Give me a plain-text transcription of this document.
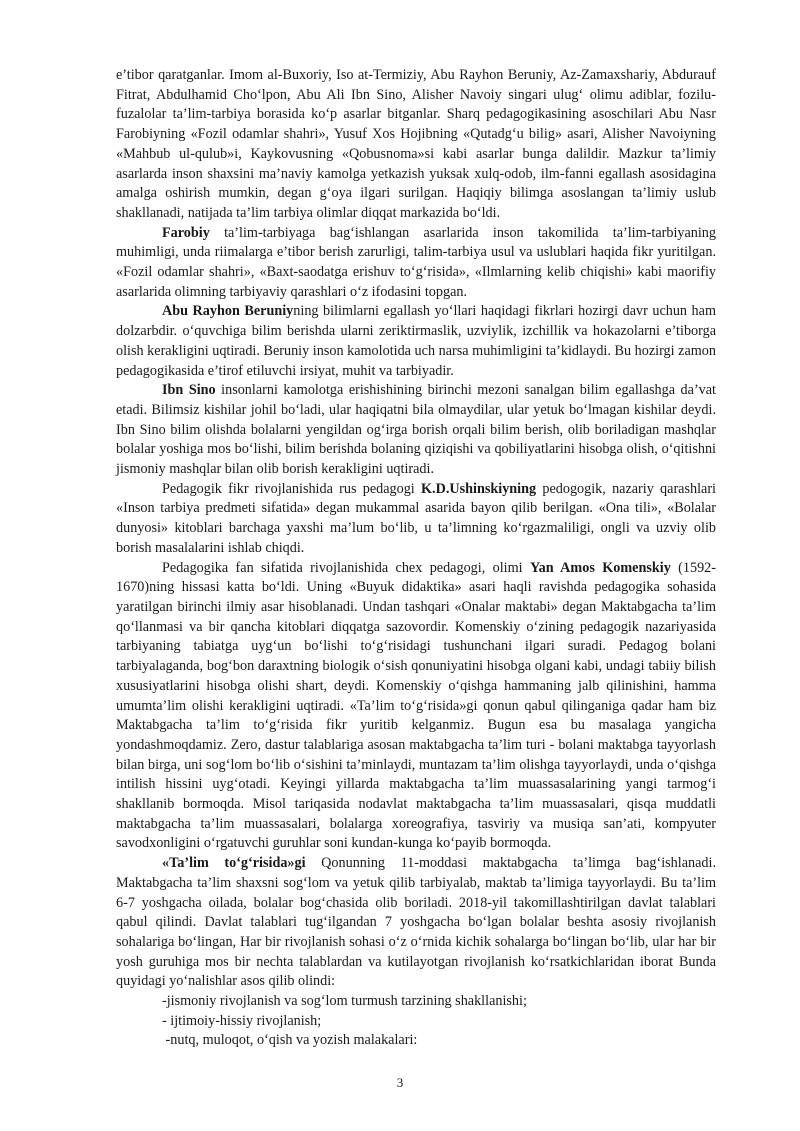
e’tibor qaratganlar. Imom al-Buxoriy, Iso at-Termiziy, Abu Rayhon Beruniy, Az-Zamaxshariy, Abdurauf Fitrat, Abdulhamid Cho‘lpon, Abu Ali Ibn Sino, Alisher Navoiy singari ulug‘ olimu adiblar, fozilu-fuzalolar ta’lim-tarbiya borasida ko‘p asarlar bitganlar. Sharq pedagogikasining asoschilari Abu Nasr Farobiyning «Fozil odamlar shahri», Yusuf Xos Hojibning «Qutadg‘u bilig» asari, Alisher Navoiyning «Mahbub ul-qulub»i, Kaykovusning «Qobusnoma»si kabi asarlar bunga dalildir. Mazkur ta’limiy asarlarda inson shaxsini ma’naviy kamolga yetkazish yuksak xulq-odob, ilm-fanni egallash asosidagina amalga oshirish mumkin, degan g‘oya ilgari surilgan. Haqiqiy bilimga asoslangan ta’limiy uslub shakllanadi, natijada ta’lim tarbiya olimlar diqqat markazida bo‘ldi.

Farobiy ta’lim-tarbiyaga bag‘ishlangan asarlarida inson takomilida ta’lim-tarbiyaning muhimligi, unda riimalarga e’tibor berish zarurligi, talim-tarbiya usul va uslublari haqida fikr yuritilgan. «Fozil odamlar shahri», «Baxt-saodatga erishuv to‘g‘risida», «Ilmlarning kelib chiqishi» kabi maorifiy asarlarida olimning tarbiyaviy qarashlari o‘z ifodasini topgan.

Abu Rayhon Beruniyning bilimlarni egallash yo‘llari haqidagi fikrlari hozirgi davr uchun ham dolzarbdir. o‘quvchiga bilim berishda ularni zeriktirmaslik, uzviylik, izchillik va hokazolarni e’tiborga olish kerakligini uqtiradi. Beruniy inson kamolotida uch narsa muhimligini ta’kidlaydi. Bu hozirgi zamon pedagogikasida e’tirof etiluvchi irsiyat, muhit va tarbiyadir.

Ibn Sino insonlarni kamolotga erishishining birinchi mezoni sanalgan bilim egallashga da’vat etadi. Bilimsiz kishilar johil bo‘ladi, ular haqiqatni bila olmaydilar, ular yetuk bo‘lmagan kishilar deydi. Ibn Sino bilim olishda bolalarni yengildan og‘irga borish orqali bilim berish, olib boriladigan mashqlar bolalar yoshiga mos bo‘lishi, bilim berishda bolaning qiziqishi va qobiliyatlarini hisobga olish, o‘qitishni jismoniy mashqlar bilan olib borish kerakligini uqtiradi.

Pedagogik fikr rivojlanishida rus pedagogi K.D.Ushinskiyning pedogogik, nazariy qarashlari «Inson tarbiya predmeti sifatida» degan mukammal asarida bayon qilib berilgan. «Ona tili», «Bolalar dunyosi» kitoblari barchaga yaxshi ma’lum bo‘lib, u ta’limning ko‘rgazmaliligi, ongli va uzviy olib borish masalalarini ishlab chiqdi.

Pedagogika fan sifatida rivojlanishida chex pedagogi, olimi Yan Amos Komenskiy (1592-1670)ning hissasi katta bo‘ldi. Uning «Buyuk didaktika» asari haqli ravishda pedagogika sohasida yaratilgan birinchi ilmiy asar hisoblanadi. Undan tashqari «Onalar maktabi» degan Maktabgacha ta’lim qo‘llanmasi va bir qancha kitoblari diqqatga sazovordir. Komenskiy o‘zining pedagogik nazariyasida tarbiyaning tabiatga uyg‘un bo‘lishi to‘g‘risidagi tushunchani ilgari suradi. Pedagog bolani tarbiyalaganda, bog‘bon daraxtning biologik o‘sish qonuniyatini hisobga olgani kabi, undagi tabiiy bilish xususiyatlarini hisobga olishi shart, deydi. Komenskiy o‘qishga hammaning jalb qilinishini, hamma umumta’lim olishi kerakligini uqtiradi. «Ta’lim to‘g‘risida»gi qonun qabul qilinganiga qadar ham biz Maktabgacha ta’lim to‘g‘risida fikr yuritib kelganmiz. Bugun esa bu masalaga yangicha yondashmoqdamiz. Zero, dastur talablariga asosan maktabgacha ta’lim turi - bolani maktabga tayyorlash bilan birga, uni sog‘lom bo‘lib o‘sishini ta’minlaydi, muntazam ta’lim olishga tayyorlaydi, unda o‘qishga intilish hissini uyg‘otadi. Keyingi yillarda maktabgacha ta’lim muassasalarining yangi tarmog‘i shakllanib bormoqda. Misol tariqasida nodavlat maktabgacha ta’lim muassasalari, qisqa muddatli maktabgacha ta’lim muassasalari, bolalarga xoreografiya, tasviriy va musiqa san’ati, kompyuter savodxonligini o‘rgatuvchi guruhlar soni kundan-kunga ko‘payib bormoqda.

«Ta’lim to‘g‘risida»gi Qonunning 11-moddasi maktabgacha ta’limga bag‘ishlanadi. Maktabgacha ta’lim shaxsni sog‘lom va yetuk qilib tarbiyalab, maktab ta’limiga tayyorlaydi. Bu ta’lim 6-7 yoshgacha oilada, bolalar bog‘chasida olib boriladi. 2018-yil takomillashtirilgan davlat talablari qabul qilindi. Davlat talablari tug‘ilgandan 7 yoshgacha bo‘lgan bolalar beshta asosiy rivojlanish sohalariga bo‘lingan, Har bir rivojlanish sohasi o‘z o‘rnida kichik sohalarga bo‘lingan bo‘lib, ular har bir yosh guruhiga mos bir nechta talablardan va kutilayotgan rivojlanish ko‘rsatkichlaridan iborat Bunda quyidagi yo‘nalishlar asos qilib olindi:

-jismoniy rivojlanish va sog‘lom turmush tarzining shakllanishi;

- ijtimoiy-hissiy rivojlanish;

-nutq, muloqot, o‘qish va yozish malakalari:

3
